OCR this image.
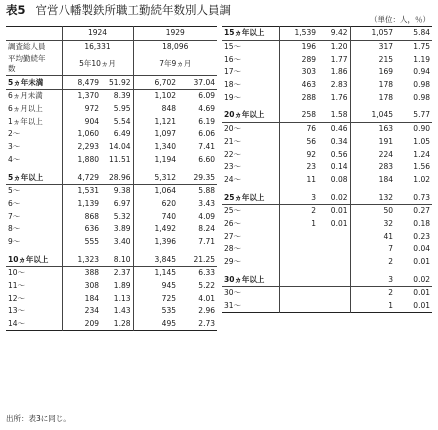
表5 官営八幡製鉄所職工勤続年数別人員調
（単位：人，％）
	1924		1929	
調査総人員	16,331		18,096	
平均勤続年
数	5年10ヵ月		7年9ヵ月	
5ヵ年未満	8,479	51.92	6,702	37.04
6ヵ月未満	1,370	8.39	1,102	6.09
6ヵ月以上	972	5.95	848	4.69
1ヵ年以上	904	5.54	1,121	6.19
2～	1,060	6.49	1,097	6.06
3～	2,293	14.04	1,340	7.41
4～	1,880	11.51	1,194	6.60

5ヵ年以上	4,729	28.96	5,312	29.35
5～	1,531	9.38	1,064	5.88
6～	1,139	6.97	620	3.43
7～	868	5.32	740	4.09
8～	636	3.89	1,492	8.24
9～	555	3.40	1,396	7.71

10ヵ年以上	1,323	8.10	3,845	21.25
10～	388	2.37	1,145	6.33
11～	308	1.89	945	5.22
12～	184	1.13	725	4.01
13～	234	1.43	535	2.96
14～	209	1.28	495	2.73
15ヵ年以上	1,539	9.42	1,057	5.84
15～	196	1.20	317	1.75
16～	289	1.77	215	1.19
17～	303	1.86	169	0.94
18～	463	2.83	178	0.98
19～	288	1.76	178	0.98

20ヵ年以上	258	1.58	1,045	5.77
20～	76	0.46	163	0.90
21～	56	0.34	191	1.05
22～	92	0.56	224	1.24
23～	23	0.14	283	1.56
24～	11	0.08	184	1.02

25ヵ年以上	3	0.02	132	0.73
25～	2	0.01	50	0.27
26～	1	0.01	32	0.18
27～			41	0.23
28～			7	0.04
29～			2	0.01

30ヵ年以上			3	0.02
30～			2	0.01
31～			1	0.01
出所：表3に同じ。
